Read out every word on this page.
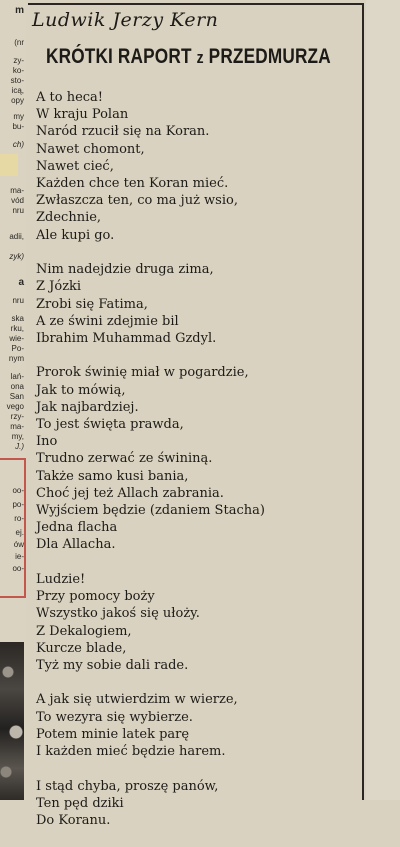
m
(nr
zy-
ko-
sto-
icą,
opy
my
bu-
ch)
ma-
vód
nru
adii,
zyk)
a
nru
ska
rku,
wie-
Po-
nym
lań-
ona
San
vego
rzy-
ma-
my,
J.)
oo-
po-
ro-
ej.
ów
ie-
oo-
Ludwik Jerzy Kern
KRÓTKI RAPORT z PRZEDMURZA
A to heca!
W kraju Polan
Naród rzucił się na Koran.
Nawet chomont,
Nawet cieć,
Każden chce ten Koran mieć.
Zwłaszcza ten, co ma już wsio,
Zdechnie,
Ale kupi go.
Nim nadejdzie druga zima,
Z Józki
Zrobi się Fatima,
A ze świni zdejmie bil
Ibrahim Muhammad Gzdyl.
Prorok świnię miał w pogardzie,
Jak to mówią,
Jak najbardziej.
To jest święta prawda,
Ino
Trudno zerwać ze świniną.
Także samo kusi bania,
Choć jej też Allach zabrania.
Wyjściem będzie (zdaniem Stacha)
Jedna flacha
Dla Allacha.
Ludzie!
Przy pomocy boży
Wszystko jakoś się ułoży.
Z Dekalogiem,
Kurcze blade,
Tyż my sobie dali rade.
A jak się utwierdzim w wierze,
To wezyra się wybierze.
Potem minie latek parę
I każden mieć będzie harem.
I stąd chyba, proszę panów,
Ten pęd dziki
Do Koranu.
